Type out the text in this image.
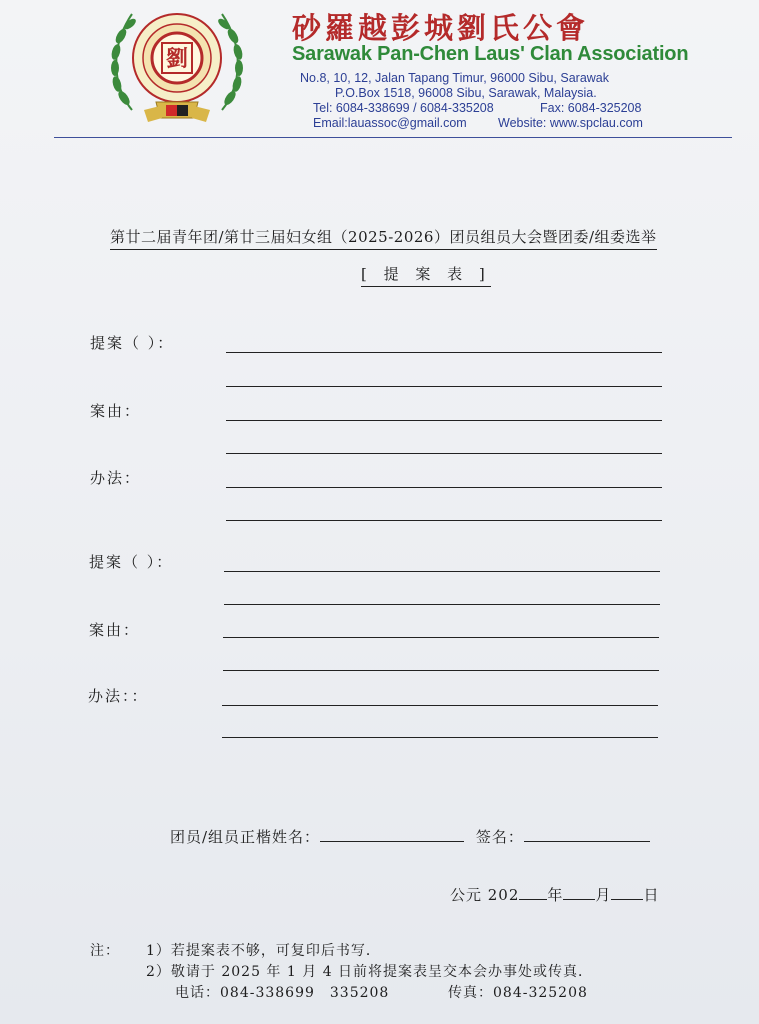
劉
砂羅越彭城劉氏公會
Sarawak Pan-Chen Laus' Clan Association
No.8, 10, 12, Jalan Tapang Timur, 96000 Sibu, Sarawak
P.O.Box 1518, 96008 Sibu, Sarawak, Malaysia.
Tel: 6084-338699 / 6084-335208	Fax: 6084-325208
Email:lauassoc@gmail.com	Website: www.spclau.com
第廿二届青年团/第廿三届妇女组（2025-2026）团员组员大会暨团委/组委选举
[ 提 案 表 ]
提案（ ）：
案由：
办法：
提案（ ）：
案由：
办法：：
团员/组员正楷姓名：	签名：
公元 202 年 月 日
注： 1）若提案表不够，可复印后书写．
2）敬请于 2025 年 1 月 4 日前将提案表呈交本会办事处或传真．
电话：084-338699　335208	传真：084-325208
